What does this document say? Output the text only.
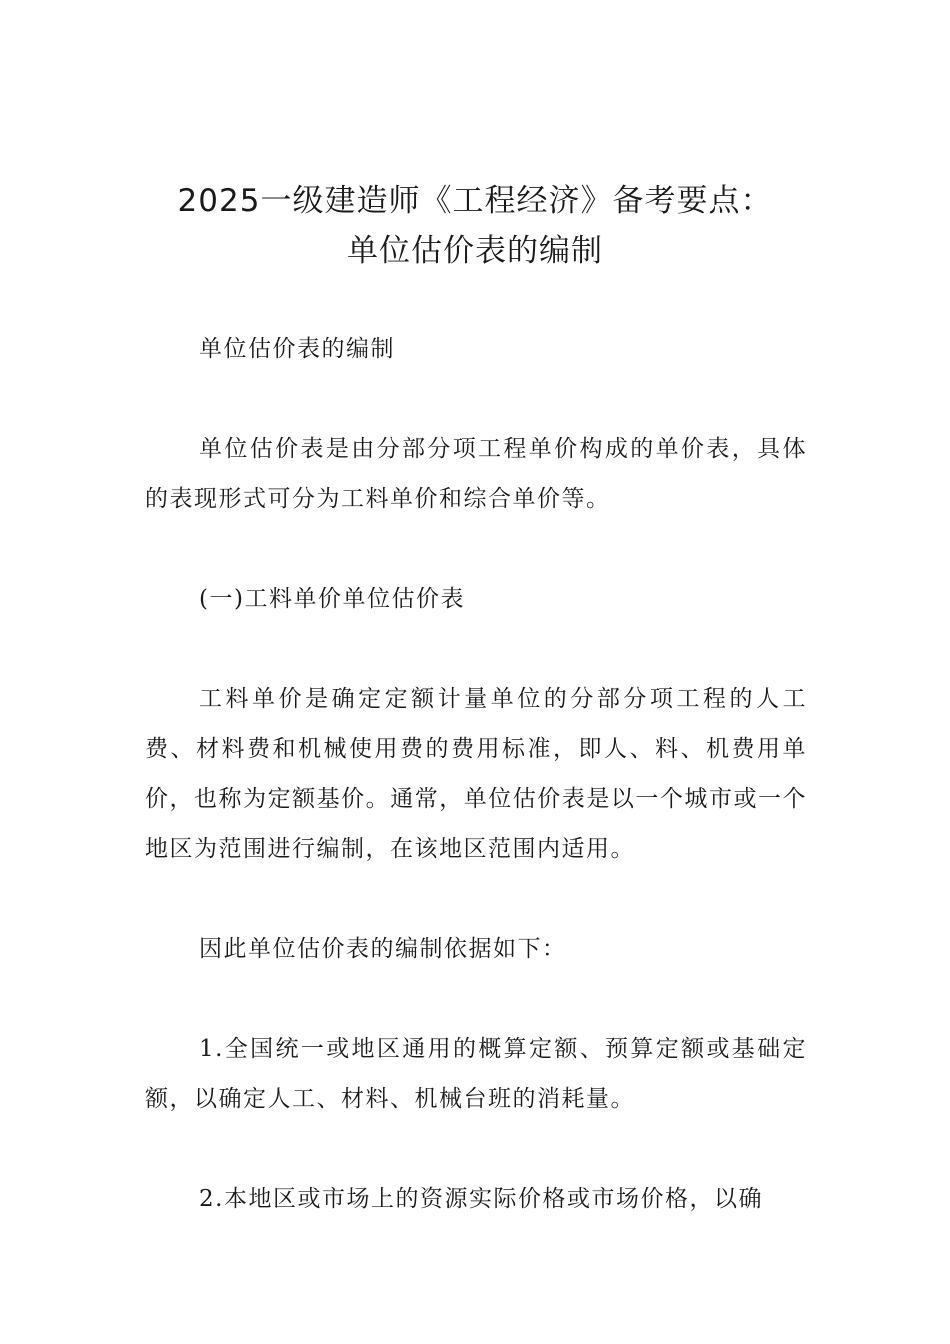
2025一级建造师《工程经济》备考要点：
单位估价表的编制

单位估价表的编制

单位估价表是由分部分项工程单价构成的单价表，具体的表现形式可分为工料单价和综合单价等。

(一)工料单价单位估价表

工料单价是确定定额计量单位的分部分项工程的人工费、材料费和机械使用费的费用标准，即人、料、机费用单价，也称为定额基价。通常，单位估价表是以一个城市或一个地区为范围进行编制，在该地区范围内适用。

因此单位估价表的编制依据如下：

1.全国统一或地区通用的概算定额、预算定额或基础定额，以确定人工、材料、机械台班的消耗量。

2.本地区或市场上的资源实际价格或市场价格，以确
